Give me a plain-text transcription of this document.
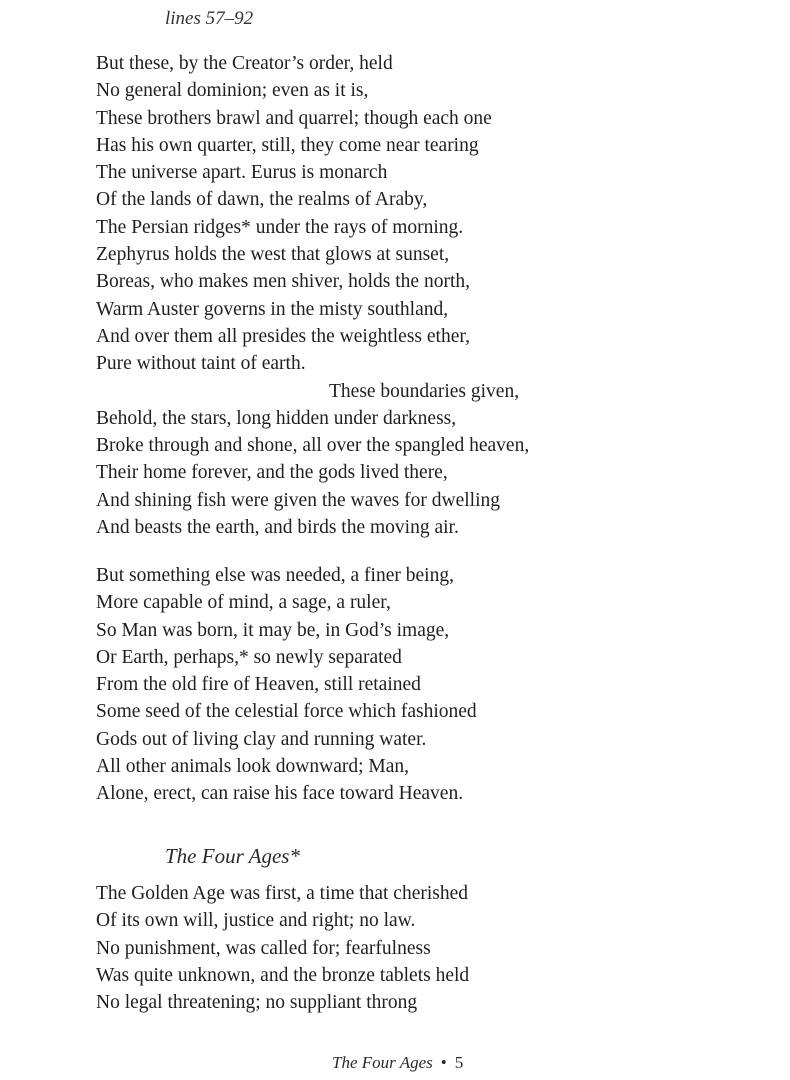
lines 57–92
But these, by the Creator’s order, held
No general dominion; even as it is,
These brothers brawl and quarrel; though each one
Has his own quarter, still, they come near tearing
The universe apart. Eurus is monarch
Of the lands of dawn, the realms of Araby,
The Persian ridges* under the rays of morning.
Zephyrus holds the west that glows at sunset,
Boreas, who makes men shiver, holds the north,
Warm Auster governs in the misty southland,
And over them all presides the weightless ether,
Pure without taint of earth.
These boundaries given,
Behold, the stars, long hidden under darkness,
Broke through and shone, all over the spangled heaven,
Their home forever, and the gods lived there,
And shining fish were given the waves for dwelling
And beasts the earth, and birds the moving air.
But something else was needed, a finer being,
More capable of mind, a sage, a ruler,
So Man was born, it may be, in God’s image,
Or Earth, perhaps,* so newly separated
From the old fire of Heaven, still retained
Some seed of the celestial force which fashioned
Gods out of living clay and running water.
All other animals look downward; Man,
Alone, erect, can raise his face toward Heaven.
The Four Ages*
The Golden Age was first, a time that cherished
Of its own will, justice and right; no law.
No punishment, was called for; fearfulness
Was quite unknown, and the bronze tablets held
No legal threatening; no suppliant throng
The Four Ages • 5
